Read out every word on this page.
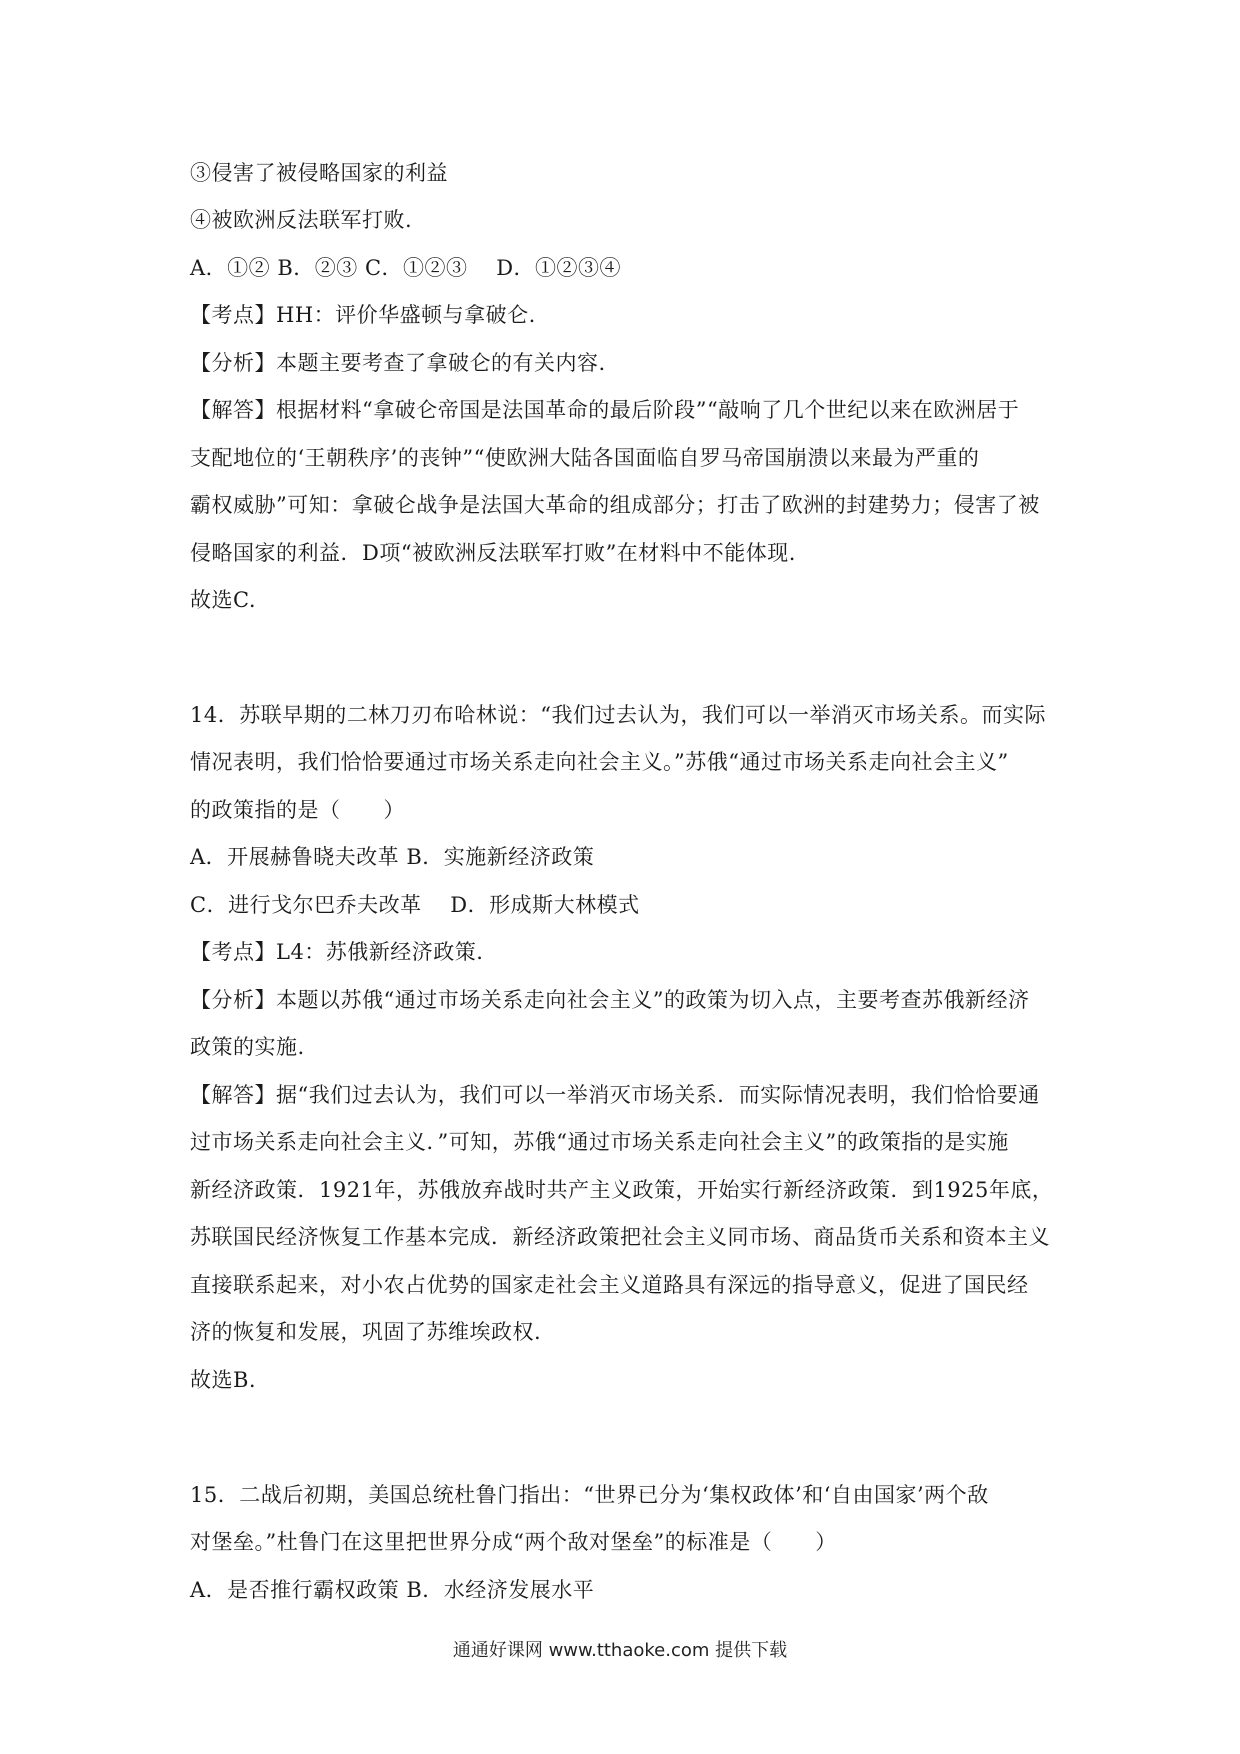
③侵害了被侵略国家的利益
④被欧洲反法联军打败.
A．①② B．②③ C．①②③　 D．①②③④
【考点】HH：评价华盛顿与拿破仑.
【分析】本题主要考查了拿破仑的有关内容.
【解答】根据材料“拿破仑帝国是法国革命的最后阶段”“敲响了几个世纪以来在欧洲居于
支配地位的‘王朝秩序’的丧钟”“使欧洲大陆各国面临自罗马帝国崩溃以来最为严重的
霸权威胁”可知：拿破仑战争是法国大革命的组成部分；打击了欧洲的封建势力；侵害了被
侵略国家的利益．D项“被欧洲反法联军打败”在材料中不能体现.
故选C.
14．苏联早期的二林刀刃布哈林说：“我们过去认为，我们可以一举消灭市场关系。而实际
情况表明，我们恰恰要通过市场关系走向社会主义。”苏俄“通过市场关系走向社会主义”
的政策指的是（　　）
A．开展赫鲁晓夫改革 B．实施新经济政策
C．进行戈尔巴乔夫改革　 D．形成斯大林模式
【考点】L4：苏俄新经济政策.
【分析】本题以苏俄“通过市场关系走向社会主义”的政策为切入点，主要考查苏俄新经济
政策的实施.
【解答】据“我们过去认为，我们可以一举消灭市场关系．而实际情况表明，我们恰恰要通
过市场关系走向社会主义．”可知，苏俄“通过市场关系走向社会主义”的政策指的是实施
新经济政策．1921年，苏俄放弃战时共产主义政策，开始实行新经济政策．到1925年底，
苏联国民经济恢复工作基本完成．新经济政策把社会主义同市场、商品货币关系和资本主义
直接联系起来，对小农占优势的国家走社会主义道路具有深远的指导意义，促进了国民经
济的恢复和发展，巩固了苏维埃政权.
故选B.
15．二战后初期，美国总统杜鲁门指出：“世界已分为‘集权政体’和‘自由国家’两个敌
对堡垒。”杜鲁门在这里把世界分成“两个敌对堡垒”的标准是（　　）
A．是否推行霸权政策 B．水经济发展水平
通通好课网 www.tthaoke.com 提供下载
